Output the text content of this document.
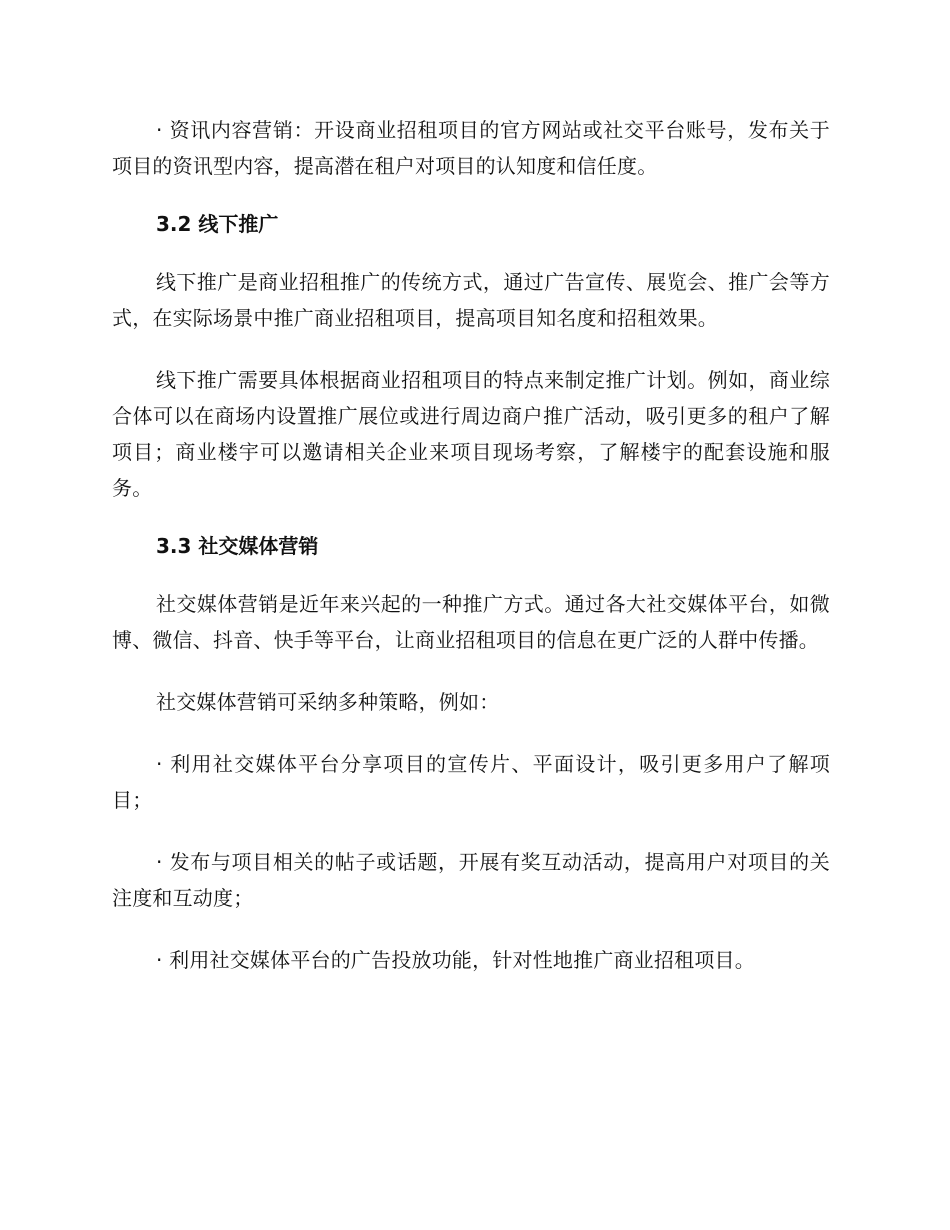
· 资讯内容营销：开设商业招租项目的官方网站或社交平台账号，发布关于项目的资讯型内容，提高潜在租户对项目的认知度和信任度。

3.2 线下推广

线下推广是商业招租推广的传统方式，通过广告宣传、展览会、推广会等方式，在实际场景中推广商业招租项目，提高项目知名度和招租效果。

线下推广需要具体根据商业招租项目的特点来制定推广计划。例如，商业综合体可以在商场内设置推广展位或进行周边商户推广活动，吸引更多的租户了解项目；商业楼宇可以邀请相关企业来项目现场考察，了解楼宇的配套设施和服务。

3.3 社交媒体营销

社交媒体营销是近年来兴起的一种推广方式。通过各大社交媒体平台，如微博、微信、抖音、快手等平台，让商业招租项目的信息在更广泛的人群中传播。

社交媒体营销可采纳多种策略，例如：

· 利用社交媒体平台分享项目的宣传片、平面设计，吸引更多用户了解项目；

· 发布与项目相关的帖子或话题，开展有奖互动活动，提高用户对项目的关注度和互动度；

· 利用社交媒体平台的广告投放功能，针对性地推广商业招租项目。
